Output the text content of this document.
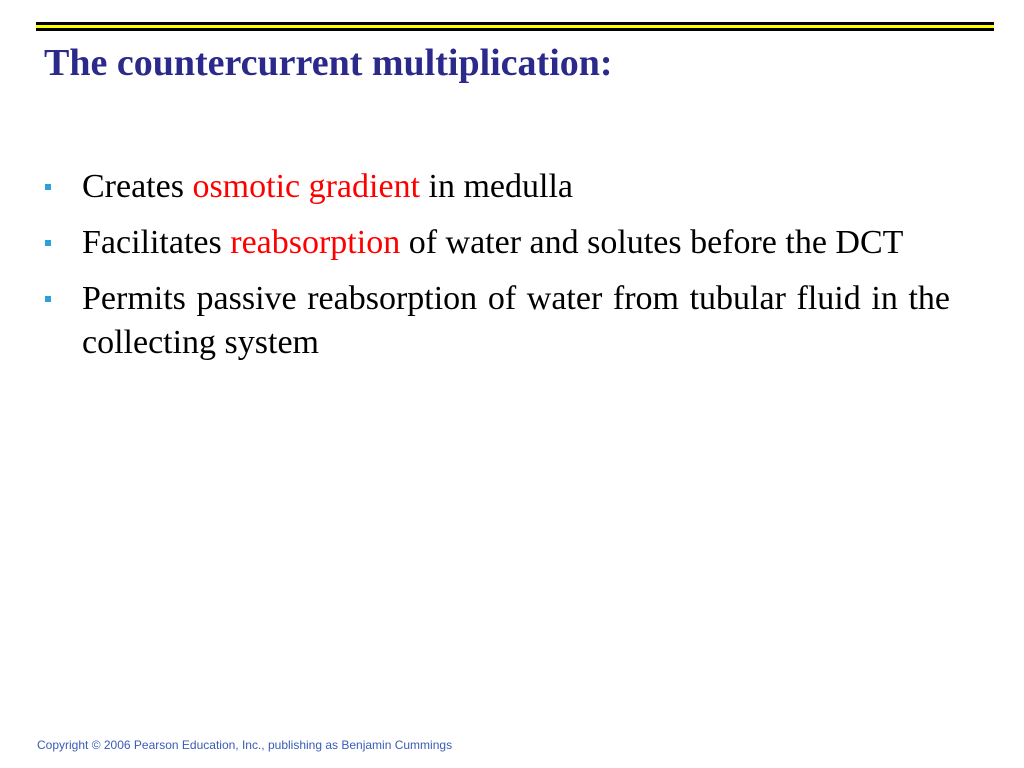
The countercurrent multiplication:
Creates osmotic gradient in medulla
Facilitates reabsorption of water and solutes before the DCT
Permits passive reabsorption of water from tubular fluid in the collecting system
Copyright © 2006 Pearson Education, Inc., publishing as Benjamin Cummings
